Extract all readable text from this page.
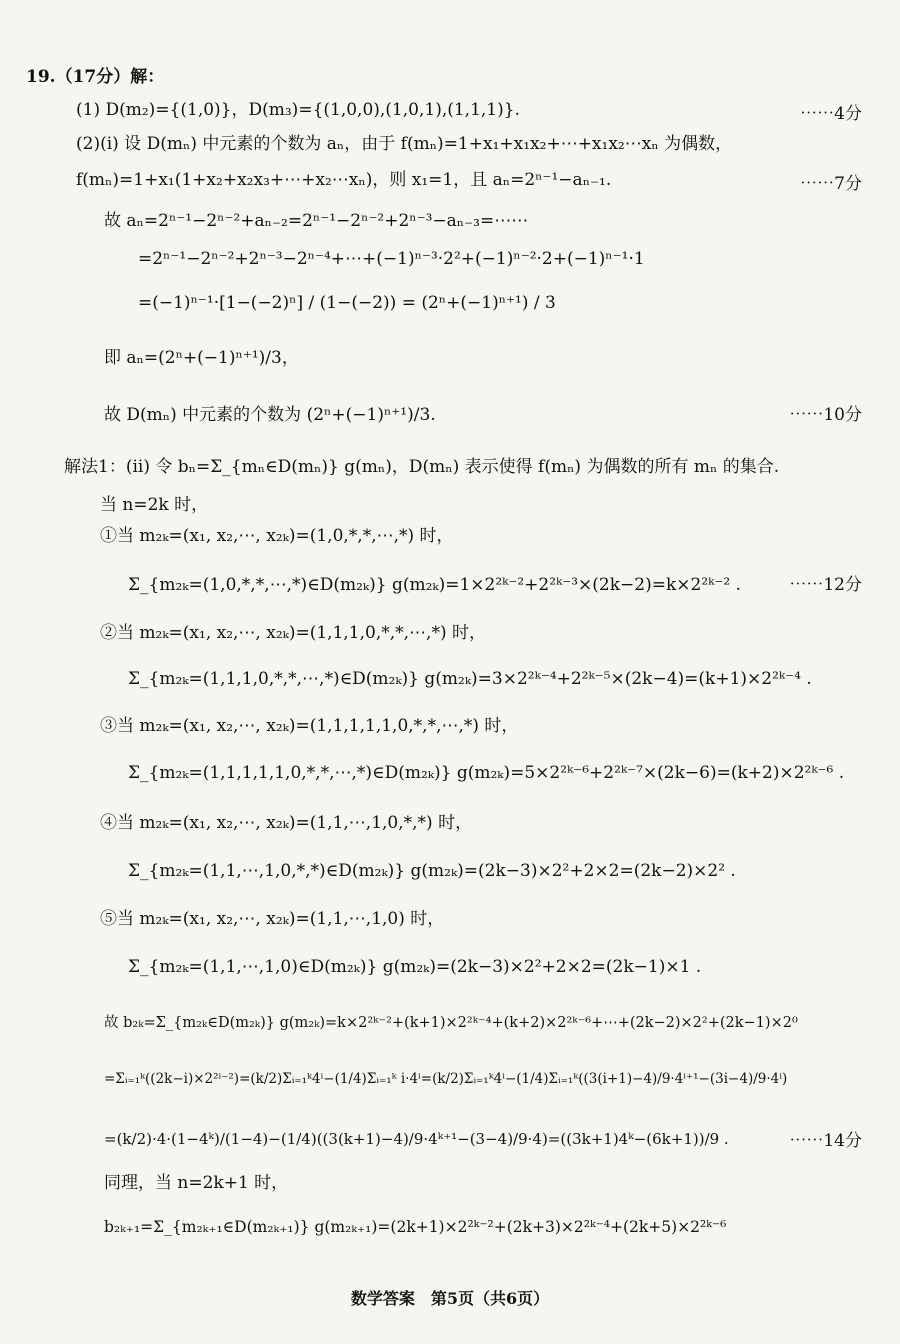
19.（17分）解：
(1) D(m₂)={(1,0)}，D(m₃)={(1,0,0),(1,0,1),(1,1,1)}.	⋯⋯4分
(2)(i) 设 D(mₙ) 中元素的个数为 aₙ，由于 f(mₙ)=1+x₁+x₁x₂+⋯+x₁x₂⋯xₙ 为偶数，
f(mₙ)=1+x₁(1+x₂+x₂x₃+⋯+x₂⋯xₙ)，则 x₁=1，且 aₙ=2ⁿ⁻¹−aₙ₋₁.	⋯⋯7分
故 aₙ=2ⁿ⁻¹−2ⁿ⁻²+aₙ₋₂=2ⁿ⁻¹−2ⁿ⁻²+2ⁿ⁻³−aₙ₋₃=⋯⋯
=2ⁿ⁻¹−2ⁿ⁻²+2ⁿ⁻³−2ⁿ⁻⁴+⋯+(−1)ⁿ⁻³·2²+(−1)ⁿ⁻²·2+(−1)ⁿ⁻¹·1
=(−1)ⁿ⁻¹·[1−(−2)ⁿ] / (1−(−2)) = (2ⁿ+(−1)ⁿ⁺¹) / 3
即 aₙ=(2ⁿ+(−1)ⁿ⁺¹)/3，
故 D(mₙ) 中元素的个数为 (2ⁿ+(−1)ⁿ⁺¹)/3.	⋯⋯10分
解法1：(ii) 令 bₙ=Σ_{mₙ∈D(mₙ)} g(mₙ)，D(mₙ) 表示使得 f(mₙ) 为偶数的所有 mₙ 的集合.
当 n=2k 时，
①当 m₂ₖ=(x₁, x₂,⋯, x₂ₖ)=(1,0,*,*,⋯,*) 时，
Σ_{m₂ₖ=(1,0,*,*,⋯,*)∈D(m₂ₖ)} g(m₂ₖ)=1×2²ᵏ⁻²+2²ᵏ⁻³×(2k−2)=k×2²ᵏ⁻² .	⋯⋯12分
②当 m₂ₖ=(x₁, x₂,⋯, x₂ₖ)=(1,1,1,0,*,*,⋯,*) 时，
Σ_{m₂ₖ=(1,1,1,0,*,*,⋯,*)∈D(m₂ₖ)} g(m₂ₖ)=3×2²ᵏ⁻⁴+2²ᵏ⁻⁵×(2k−4)=(k+1)×2²ᵏ⁻⁴ .
③当 m₂ₖ=(x₁, x₂,⋯, x₂ₖ)=(1,1,1,1,1,0,*,*,⋯,*) 时，
Σ_{m₂ₖ=(1,1,1,1,1,0,*,*,⋯,*)∈D(m₂ₖ)} g(m₂ₖ)=5×2²ᵏ⁻⁶+2²ᵏ⁻⁷×(2k−6)=(k+2)×2²ᵏ⁻⁶ .
④当 m₂ₖ=(x₁, x₂,⋯, x₂ₖ)=(1,1,⋯,1,0,*,*) 时，
Σ_{m₂ₖ=(1,1,⋯,1,0,*,*)∈D(m₂ₖ)} g(m₂ₖ)=(2k−3)×2²+2×2=(2k−2)×2² .
⑤当 m₂ₖ=(x₁, x₂,⋯, x₂ₖ)=(1,1,⋯,1,0) 时，
Σ_{m₂ₖ=(1,1,⋯,1,0)∈D(m₂ₖ)} g(m₂ₖ)=(2k−3)×2²+2×2=(2k−1)×1 .
故 b₂ₖ=Σ_{m₂ₖ∈D(m₂ₖ)} g(m₂ₖ)=k×2²ᵏ⁻²+(k+1)×2²ᵏ⁻⁴+(k+2)×2²ᵏ⁻⁶+⋯+(2k−2)×2²+(2k−1)×2⁰
=Σᵢ₌₁ᵏ((2k−i)×2²ⁱ⁻²)=(k/2)Σᵢ₌₁ᵏ4ⁱ−(1/4)Σᵢ₌₁ᵏ i·4ⁱ=(k/2)Σᵢ₌₁ᵏ4ⁱ−(1/4)Σᵢ₌₁ᵏ((3(i+1)−4)/9·4ⁱ⁺¹−(3i−4)/9·4ⁱ)
=(k/2)·4·(1−4ᵏ)/(1−4)−(1/4)((3(k+1)−4)/9·4ᵏ⁺¹−(3−4)/9·4)=((3k+1)4ᵏ−(6k+1))/9 .	⋯⋯14分
同理，当 n=2k+1 时，
b₂ₖ₊₁=Σ_{m₂ₖ₊₁∈D(m₂ₖ₊₁)} g(m₂ₖ₊₁)=(2k+1)×2²ᵏ⁻²+(2k+3)×2²ᵏ⁻⁴+(2k+5)×2²ᵏ⁻⁶
数学答案　第5页（共6页）
